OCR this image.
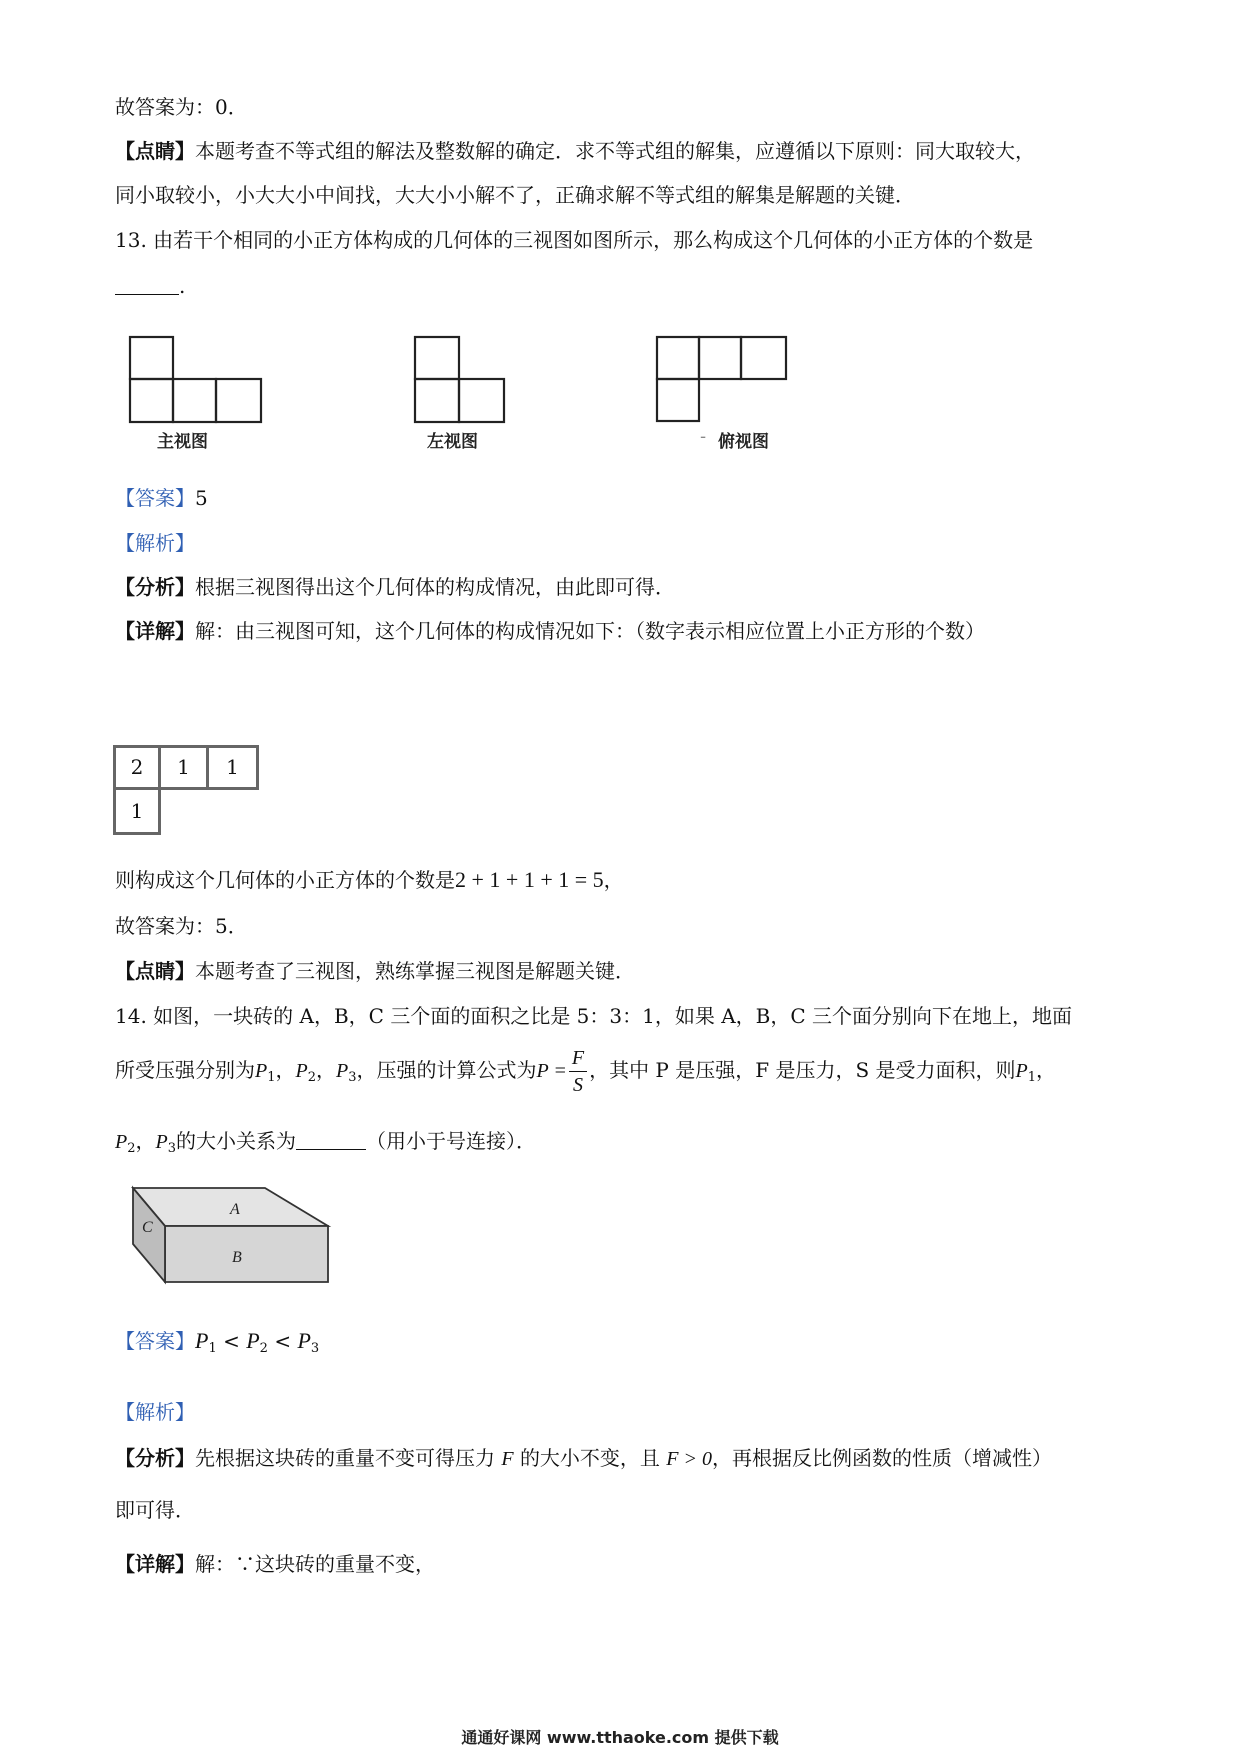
故答案为：0．
【点睛】本题考查不等式组的解法及整数解的确定．求不等式组的解集，应遵循以下原则：同大取较大，
同小取较小，小大大小中间找，大大小小解不了，正确求解不等式组的解集是解题的关键．
13. 由若干个相同的小正方体构成的几何体的三视图如图所示，那么构成这个几何体的小正方体的个数是
.
主视图	左视图	- 俯视图
【答案】5
【解析】
【分析】根据三视图得出这个几何体的构成情况，由此即可得．
【详解】解：由三视图可知，这个几何体的构成情况如下：（数字表示相应位置上小正方形的个数）
2	1	1
1
则构成这个几何体的小正方体的个数是2 + 1 + 1 + 1 = 5，
故答案为：5．
【点睛】本题考查了三视图，熟练掌握三视图是解题关键．
14. 如图，一块砖的 A，B，C 三个面的面积之比是 5：3：1，如果 A，B，C 三个面分别向下在地上，地面
所受压强分别为$P_1$，$P_2$，$P_3$，压强的计算公式为$P = \frac{F}{S}$ ，其中 P 是压强，F 是压力，S 是受力面积，则$P_1$，
$P_2$，$P_3$的大小关系为	（用小于号连接）．
A
B
C
【答案】$P_1 < P_2 < P_3$
【解析】
【分析】先根据这块砖的重量不变可得压力 F 的大小不变，且 F > 0，再根据反比例函数的性质（增减性）
即可得．
【详解】解：∵这块砖的重量不变，
通通好课网 www.tthaoke.com 提供下载
